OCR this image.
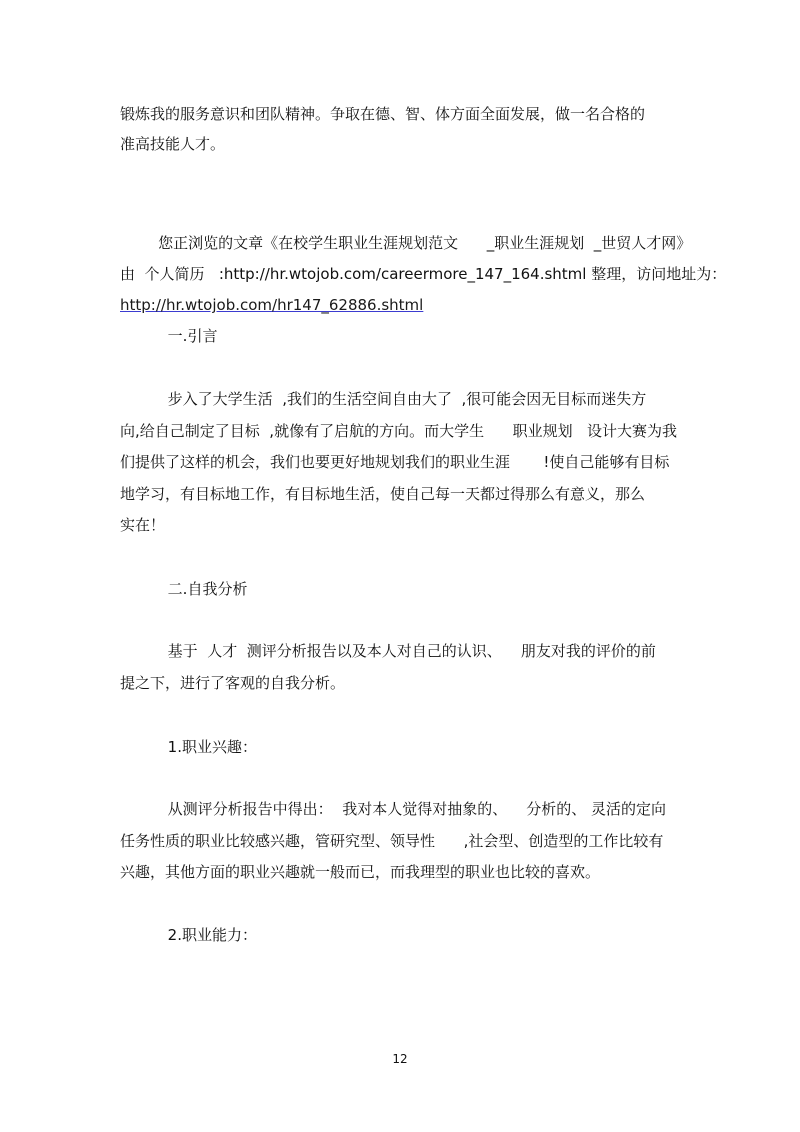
锻炼我的服务意识和团队精神。争取在德、智、体方面全面发展，做一名合格的
准高技能人才。
您正浏览的文章《在校学生职业生涯规划范文      _职业生涯规划  _世贸人才网》
由  个人简历   :http://hr.wtojob.com/careermore_147_164.shtml 整理，访问地址为：
http://hr.wtojob.com/hr147_62886.shtml
一.引言
步入了大学生活  ,我们的生活空间自由大了  ,很可能会因无目标而迷失方
向,给自己制定了目标  ,就像有了启航的方向。而大学生      职业规划   设计大赛为我
们提供了这样的机会，我们也要更好地规划我们的职业生涯       !使自己能够有目标
地学习，有目标地工作，有目标地生活，使自己每一天都过得那么有意义，那么
实在！
二.自我分析
基于  人才  测评分析报告以及本人对自己的认识、    朋友对我的评价的前
提之下，进行了客观的自我分析。
1.职业兴趣：
从测评分析报告中得出：  我对本人觉得对抽象的、    分析的、 灵活的定向
任务性质的职业比较感兴趣，管研究型、领导性      ,社会型、创造型的工作比较有
兴趣，其他方面的职业兴趣就一般而已，而我理型的职业也比较的喜欢。
2.职业能力：
12
